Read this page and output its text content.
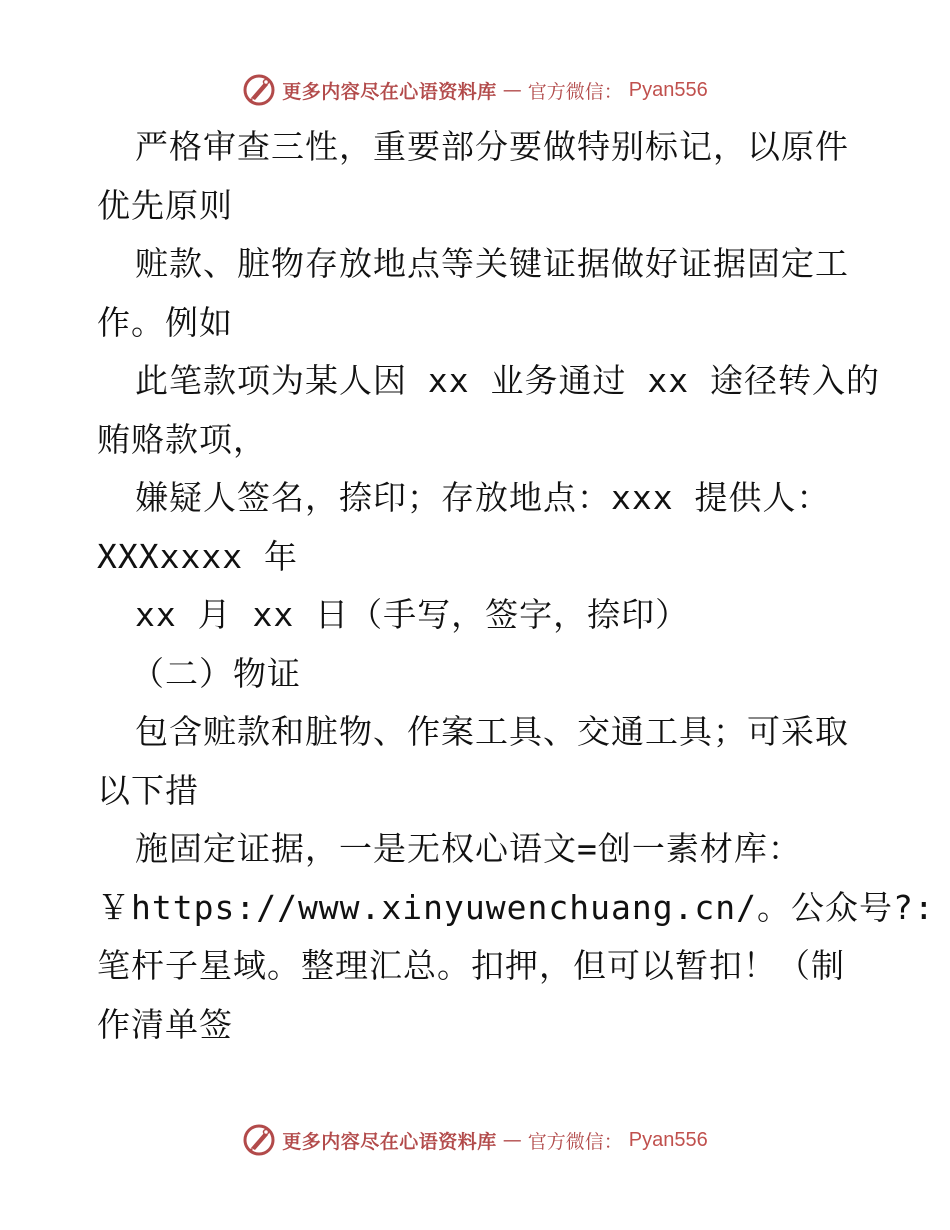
更多内容尽在心语资料库 — 官方微信： Pyan556
严格审查三性，重要部分要做特别标记，以原件
优先原则
赃款、脏物存放地点等关键证据做好证据固定工
作。例如
此笔款项为某人因 xx 业务通过 xx 途径转入的
贿赂款项，
嫌疑人签名，捺印；存放地点：xxx 提供人：
XXXxxxx 年
xx 月 xx 日（手写，签字，捺印）
（二）物证
包含赃款和脏物、作案工具、交通工具；可采取
以下措
施固定证据，一是无权心语文=创一素材库：
￥https://www.xinyuwenchuang.cn/。公众号?:
笔杆子星域。整理汇总。扣押，但可以暂扣！（制
作清单签
更多内容尽在心语资料库 — 官方微信： Pyan556
